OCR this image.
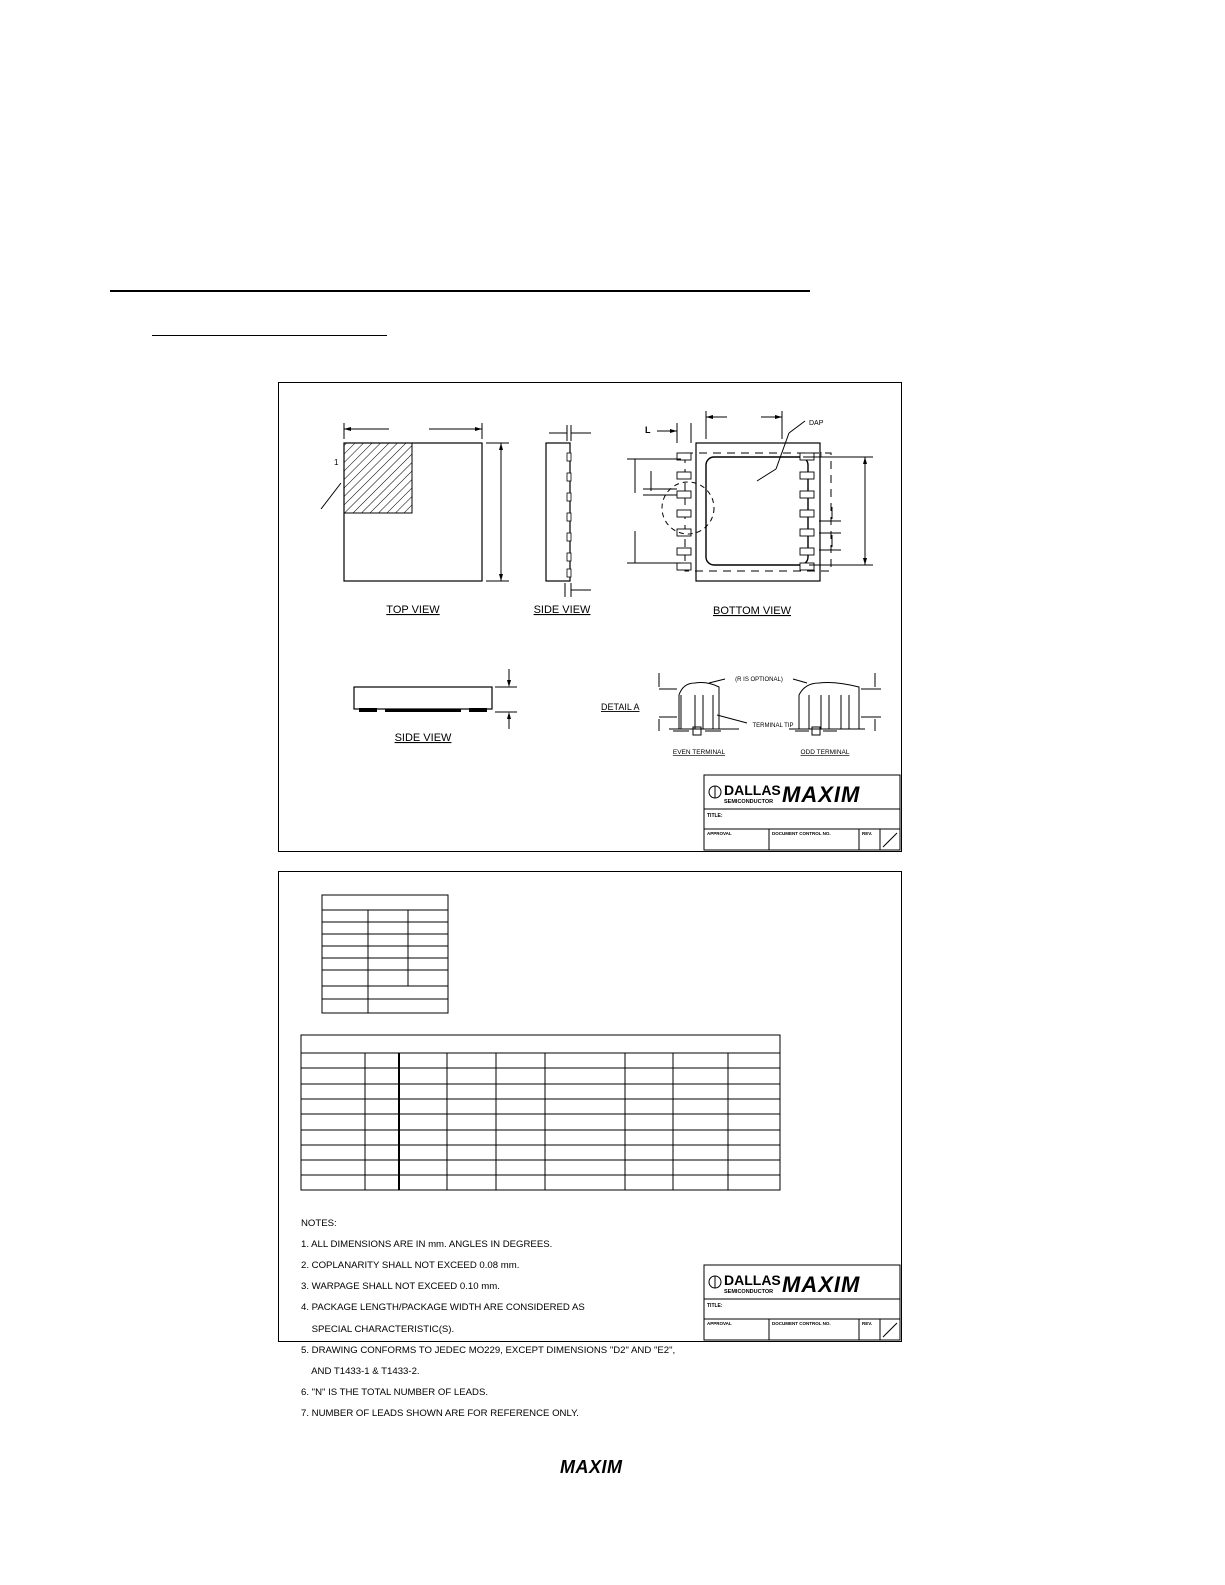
1
TOP VIEW	SIDE VIEW
L
DAP
1
BOTTOM VIEW
SIDE VIEW
DETAIL A
(R IS OPTIONAL)
TERMINAL TIP
EVEN TERMINAL	ODD TERMINAL
DALLAS
SEMICONDUCTOR MAXIM
TITLE:
APPROVAL	DOCUMENT CONTROL NO.	REV.
DALLAS
SEMICONDUCTOR MAXIM
TITLE:
APPROVAL	DOCUMENT CONTROL NO.	REV.

NOTES:

1. ALL DIMENSIONS ARE IN mm. ANGLES IN DEGREES.

2. COPLANARITY SHALL NOT EXCEED 0.08 mm.

3. WARPAGE SHALL NOT EXCEED 0.10 mm.

4. PACKAGE LENGTH/PACKAGE WIDTH ARE CONSIDERED AS

SPECIAL CHARACTERISTIC(S).

5. DRAWING CONFORMS TO JEDEC MO229, EXCEPT DIMENSIONS "D2" AND "E2",

AND T1433-1 & T1433-2.

6. "N" IS THE TOTAL NUMBER OF LEADS.

7. NUMBER OF LEADS SHOWN ARE FOR REFERENCE ONLY.

MAXIM
